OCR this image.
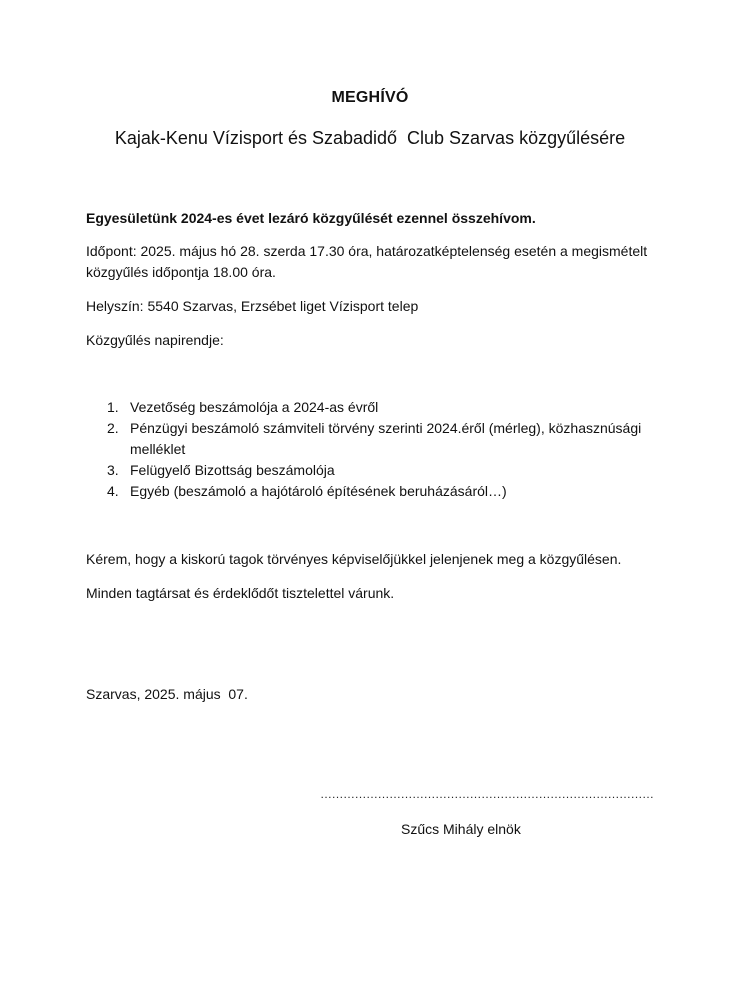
MEGHÍVÓ
Kajak-Kenu Vízisport és Szabadidő  Club Szarvas közgyűlésére
Egyesületünk 2024-es évet lezáró közgyűlését ezennel összehívom.
Időpont: 2025. május hó 28. szerda 17.30 óra, határozatképtelenség esetén a megismételt
közgyűlés időpontja 18.00 óra.
Helyszín: 5540 Szarvas, Erzsébet liget Vízisport telep
Közgyűlés napirendje:
1. Vezetőség beszámolója a 2024-as évről
2. Pénzügyi beszámoló számviteli törvény szerinti 2024.éről (mérleg), közhasznúsági
melléklet
3. Felügyelő Bizottság beszámolója
4. Egyéb (beszámoló a hajótároló építésének beruházásáról…)
Kérem, hogy a kiskorú tagok törvényes képviselőjükkel jelenjenek meg a közgyűlésen.
Minden tagtársat és érdeklődőt tisztelettel várunk.
Szarvas, 2025. május  07.
……………………………………………………………………………
Szűcs Mihály elnök
